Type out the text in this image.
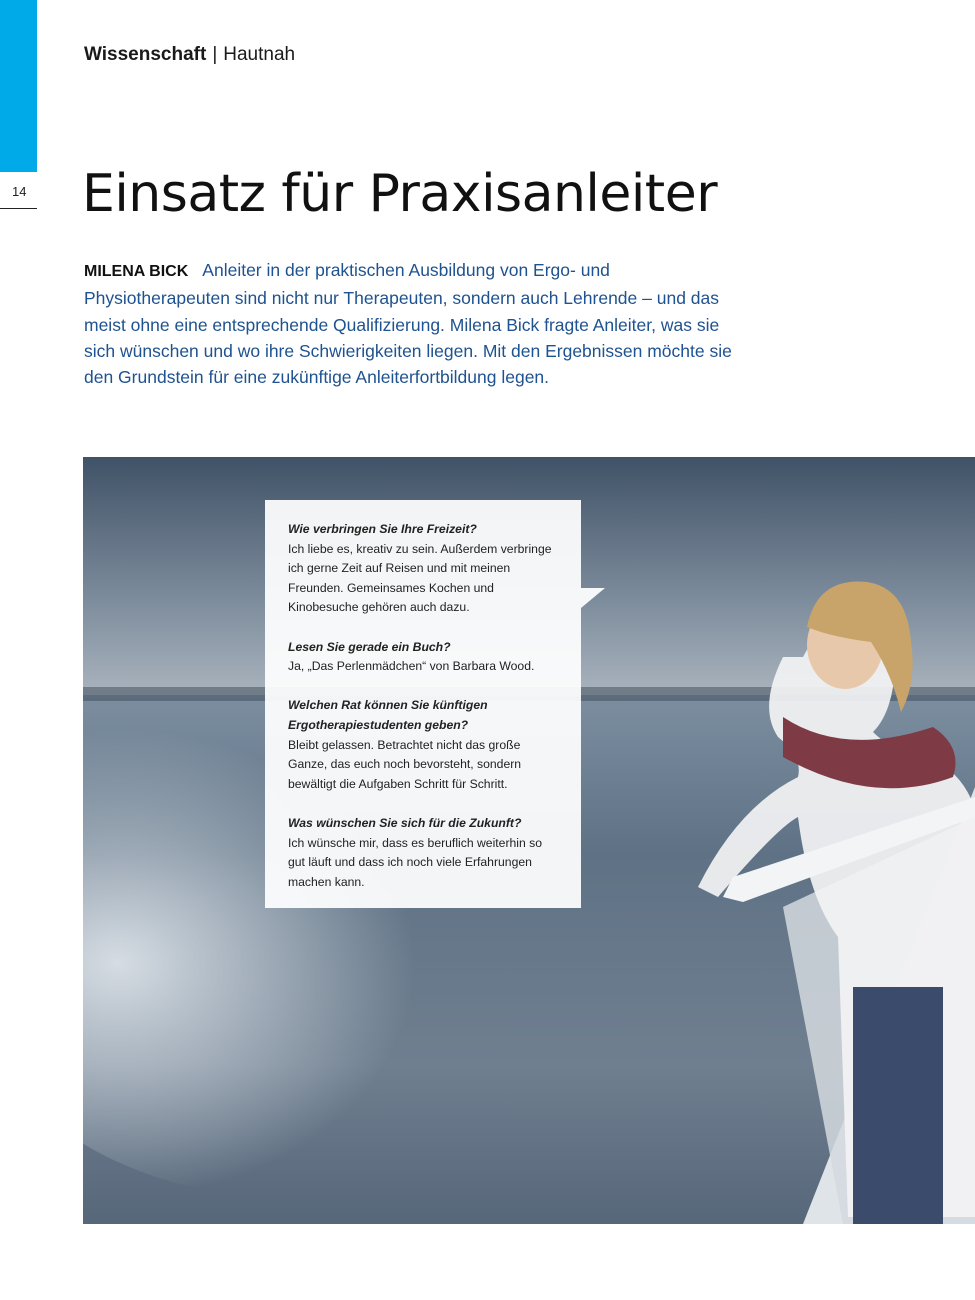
14
Wissenschaft | Hautnah
Einsatz für Praxisanleiter

MILENA BICK Anleiter in der praktischen Ausbildung von Ergo- und Physiotherapeuten sind nicht nur Therapeuten, sondern auch Lehrende – und das meist ohne eine entsprechende Qualifizierung. Milena Bick fragte Anleiter, was sie sich wünschen und wo ihre Schwierigkeiten liegen. Mit den Ergebnissen möchte sie den Grundstein für eine zukünftige Anleiterfortbildung legen.

Wie verbringen Sie Ihre Freizeit?

Ich liebe es, kreativ zu sein. Außerdem verbringe ich gerne Zeit auf Reisen und mit meinen Freunden. Gemeinsames Kochen und Kinobesuche gehören auch dazu.

Lesen Sie gerade ein Buch?

Ja, „Das Perlenmädchen“ von Barbara Wood.

Welchen Rat können Sie künftigen Ergotherapiestudenten geben?

Bleibt gelassen. Betrachtet nicht das große Ganze, das euch noch bevorsteht, sondern bewältigt die Aufgaben Schritt für Schritt.

Was wünschen Sie sich für die Zukunft?

Ich wünsche mir, dass es beruflich weiterhin so gut läuft und dass ich noch viele Erfahrungen machen kann.
